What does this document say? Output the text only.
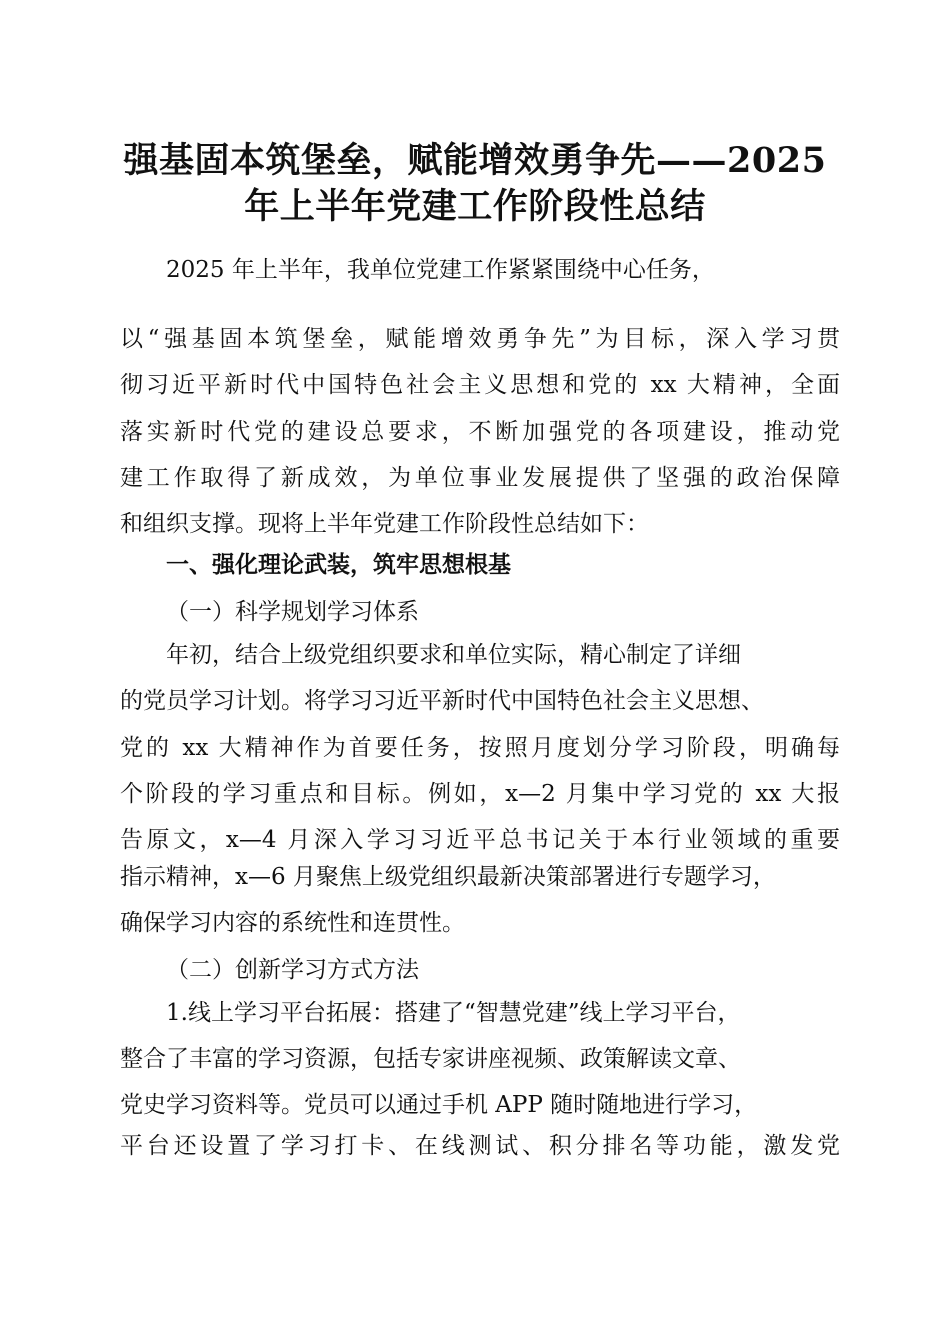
强基固本筑堡垒，赋能增效勇争先——2025
年上半年党建工作阶段性总结
2025 年上半年，我单位党建工作紧紧围绕中心任务，
以“强基固本筑堡垒，赋能增效勇争先”为目标，深入学习贯
彻习近平新时代中国特色社会主义思想和党的 xx 大精神，全面
落实新时代党的建设总要求，不断加强党的各项建设，推动党
建工作取得了新成效，为单位事业发展提供了坚强的政治保障
和组织支撑。现将上半年党建工作阶段性总结如下：
一、强化理论武装，筑牢思想根基
（一）科学规划学习体系
年初，结合上级党组织要求和单位实际，精心制定了详细
的党员学习计划。将学习习近平新时代中国特色社会主义思想、
党的 xx 大精神作为首要任务，按照月度划分学习阶段，明确每
个阶段的学习重点和目标。例如，x—2 月集中学习党的 xx 大报
告原文，x—4 月深入学习习近平总书记关于本行业领域的重要
指示精神，x—6 月聚焦上级党组织最新决策部署进行专题学习，
确保学习内容的系统性和连贯性。
（二）创新学习方式方法
1.线上学习平台拓展：搭建了“智慧党建”线上学习平台，
整合了丰富的学习资源，包括专家讲座视频、政策解读文章、
党史学习资料等。党员可以通过手机 APP 随时随地进行学习，
平台还设置了学习打卡、在线测试、积分排名等功能，激发党
